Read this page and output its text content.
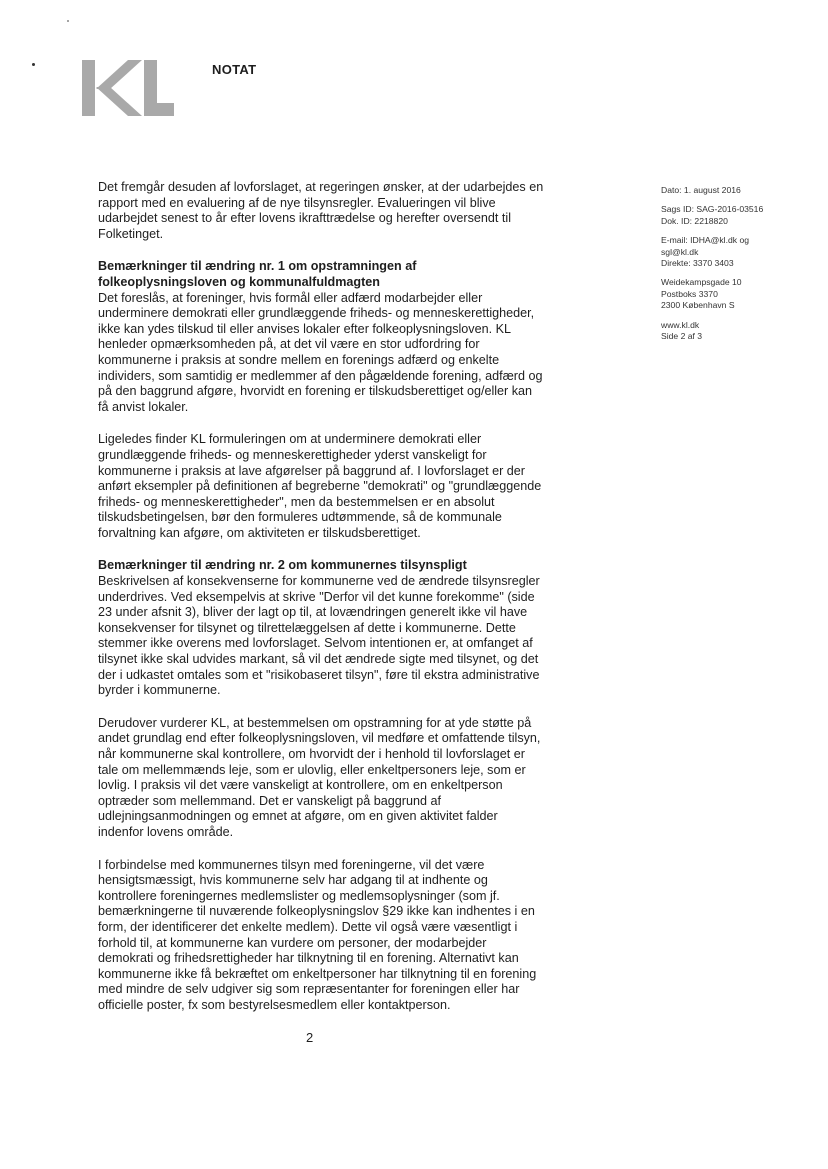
NOTAT

Det fremgår desuden af lovforslaget, at regeringen ønsker, at der udarbejdes en rapport med en evaluering af de nye tilsynsregler. Evalueringen vil blive udarbejdet senest to år efter lovens ikrafttrædelse og herefter oversendt til Folketinget.

Bemærkninger til ændring nr. 1 om opstramningen af folkeoplysningsloven og kommunalfuldmagten

Det foreslås, at foreninger, hvis formål eller adfærd modarbejder eller underminere demokrati eller grundlæggende friheds- og menneskerettigheder, ikke kan ydes tilskud til eller anvises lokaler efter folkeoplysningsloven. KL henleder opmærksomheden på, at det vil være en stor udfordring for kommunerne i praksis at sondre mellem en forenings adfærd og enkelte individers, som samtidig er medlemmer af den pågældende forening, adfærd og på den baggrund afgøre, hvorvidt en forening er tilskudsberettiget og/eller kan få anvist lokaler.

Ligeledes finder KL formuleringen om at underminere demokrati eller grundlæggende friheds- og menneskerettigheder yderst vanskeligt for kommunerne i praksis at lave afgørelser på baggrund af. I lovforslaget er der anført eksempler på definitionen af begreberne "demokrati" og "grundlæggende friheds- og menneskerettigheder", men da bestemmelsen er en absolut tilskudsbetingelsen, bør den formuleres udtømmende, så de kommunale forvaltning kan afgøre, om aktiviteten er tilskudsberettiget.

Bemærkninger til ændring nr. 2 om kommunernes tilsynspligt

Beskrivelsen af konsekvenserne for kommunerne ved de ændrede tilsynsregler underdrives. Ved eksempelvis at skrive "Derfor vil det kunne forekomme" (side 23 under afsnit 3), bliver der lagt op til, at lovændringen generelt ikke vil have konsekvenser for tilsynet og tilrettelæggelsen af dette i kommunerne. Dette stemmer ikke overens med lovforslaget. Selvom intentionen er, at omfanget af tilsynet ikke skal udvides markant, så vil det ændrede sigte med tilsynet, og det der i udkastet omtales som et "risikobaseret tilsyn", føre til ekstra administrative byrder i kommunerne.

Derudover vurderer KL, at bestemmelsen om opstramning for at yde støtte på andet grundlag end efter folkeoplysningsloven, vil medføre et omfattende tilsyn, når kommunerne skal kontrollere, om hvorvidt der i henhold til lovforslaget er tale om mellemmænds leje, som er ulovlig, eller enkeltpersoners leje, som er lovlig. I praksis vil det være vanskeligt at kontrollere, om en enkeltperson optræder som mellemmand. Det er vanskeligt på baggrund af udlejningsanmodningen og emnet at afgøre, om en given aktivitet falder indenfor lovens område.

I forbindelse med kommunernes tilsyn med foreningerne, vil det være hensigtsmæssigt, hvis kommunerne selv har adgang til at indhente og kontrollere foreningernes medlemslister og medlemsoplysninger (som jf. bemærkningerne til nuværende folkeoplysningslov §29 ikke kan indhentes i en form, der identificerer det enkelte medlem). Dette vil også være væsentligt i forhold til, at kommunerne kan vurdere om personer, der modarbejder demokrati og frihedsrettigheder har tilknytning til en forening. Alternativt kan kommunerne ikke få bekræftet om enkeltpersoner har tilknytning til en forening med mindre de selv udgiver sig som repræsentanter for foreningen eller har officielle poster, fx som bestyrelsesmedlem eller kontaktperson.

Dato: 1. august 2016
Sags ID: SAG-2016-03516
Dok. ID: 2218820
E-mail: IDHA@kl.dk og
sgl@kl.dk
Direkte: 3370 3403
Weidekampsgade 10
Postboks 3370
2300 København S
www.kl.dk
Side 2 af 3
2
